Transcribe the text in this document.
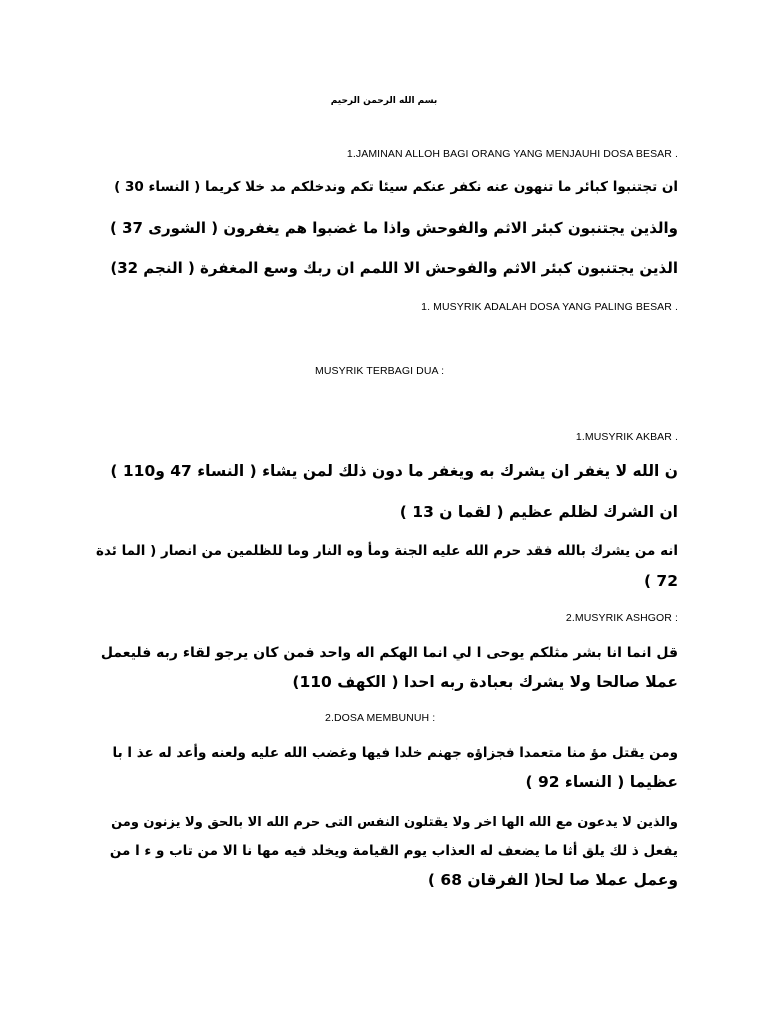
بسم الله الرحمن الرحيم
1.JAMINAN ALLOH BAGI ORANG YANG MENJAUHI DOSA BESAR .
ان تجتنبوا كبائر ما تنهون عنه نكفر عنكم سيئا تكم وندخلكم مد خلا كريما ( النساء 30 )
والذين يجتنبون كبئر الاثم والفوحش واذا ما غضبوا هم يغفرون ( الشورى 37 )
الذين يجتنبون كبئر الاثم والفوحش الا اللمم ان ربك وسع المغفرة ( النجم 32)
1. MUSYRIK ADALAH DOSA YANG PALING BESAR .
MUSYRIK TERBAGI DUA :
1.MUSYRIK AKBAR .
ن الله لا يغفر ان يشرك به ويغفر ما دون ذلك لمن يشاء ( النساء 47 و110 )
ان الشرك لظلم عظيم ( لقما ن 13 )
انه من يشرك بالله فقد حرم الله عليه الجنة ومأ وه النار وما للظلمين من انصار ( الما ئدة
72 )
2.MUSYRIK ASHGOR :
قل انما انا بشر مثلكم يوحى ا لي انما الهكم اله واحد فمن كان يرجو لقاء ربه فليعمل
عملا صالحا ولا يشرك بعبادة ربه احدا ( الكهف 110)
2.DOSA MEMBUNUH :
ومن يقتل مؤ منا متعمدا فجزاؤه جهنم خلدا فيها وغضب الله عليه ولعنه وأعد له عذ ا با
عظيما ( النساء 92 )
والذين لا يدعون مع الله الها اخر ولا يقتلون النفس التى حرم الله الا بالحق ولا يزنون ومن
يفعل ذ لك يلق أثا ما يضعف له العذاب يوم القيامة ويخلد فيه مها نا الا من تاب و ء ا من
وعمل عملا صا لحا( الفرقان 68 )
